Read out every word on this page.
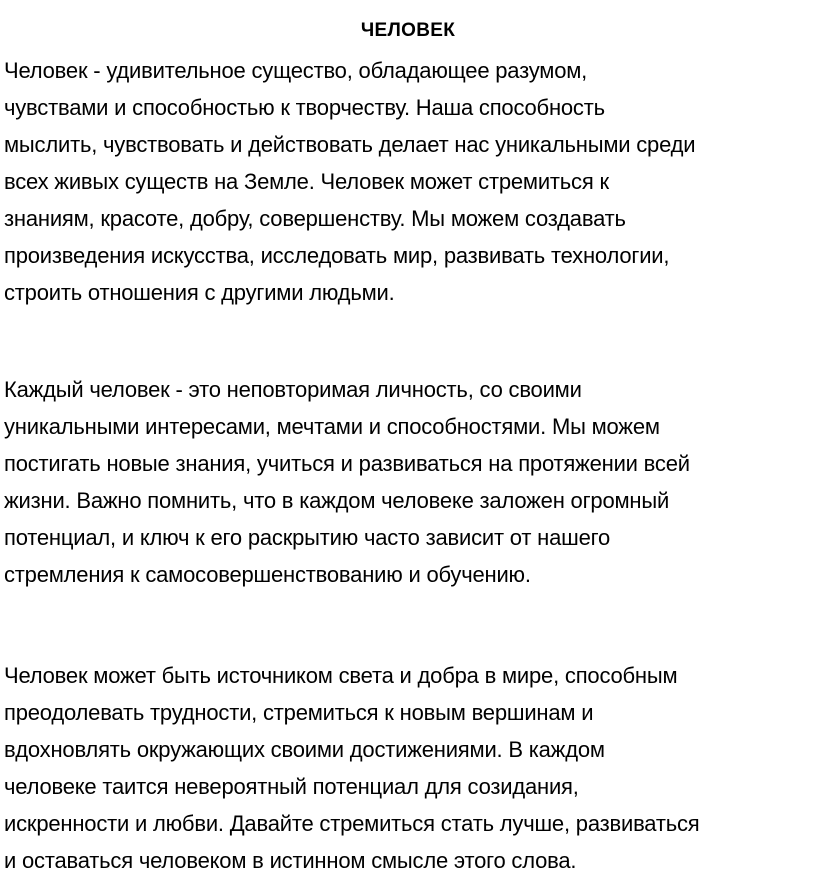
ЧЕЛОВЕК

Человек - удивительное существо, обладающее разумом,
чувствами и способностью к творчеству. Наша способность
мыслить, чувствовать и действовать делает нас уникальными среди
всех живых существ на Земле. Человек может стремиться к
знаниям, красоте, добру, совершенству. Мы можем создавать
произведения искусства, исследовать мир, развивать технологии,
строить отношения с другими людьми.

Каждый человек - это неповторимая личность, со своими
уникальными интересами, мечтами и способностями. Мы можем
постигать новые знания, учиться и развиваться на протяжении всей
жизни. Важно помнить, что в каждом человеке заложен огромный
потенциал, и ключ к его раскрытию часто зависит от нашего
стремления к самосовершенствованию и обучению.

Человек может быть источником света и добра в мире, способным
преодолевать трудности, стремиться к новым вершинам и
вдохновлять окружающих своими достижениями. В каждом
человеке таится невероятный потенциал для созидания,
искренности и любви. Давайте стремиться стать лучше, развиваться
и оставаться человеком в истинном смысле этого слова.
